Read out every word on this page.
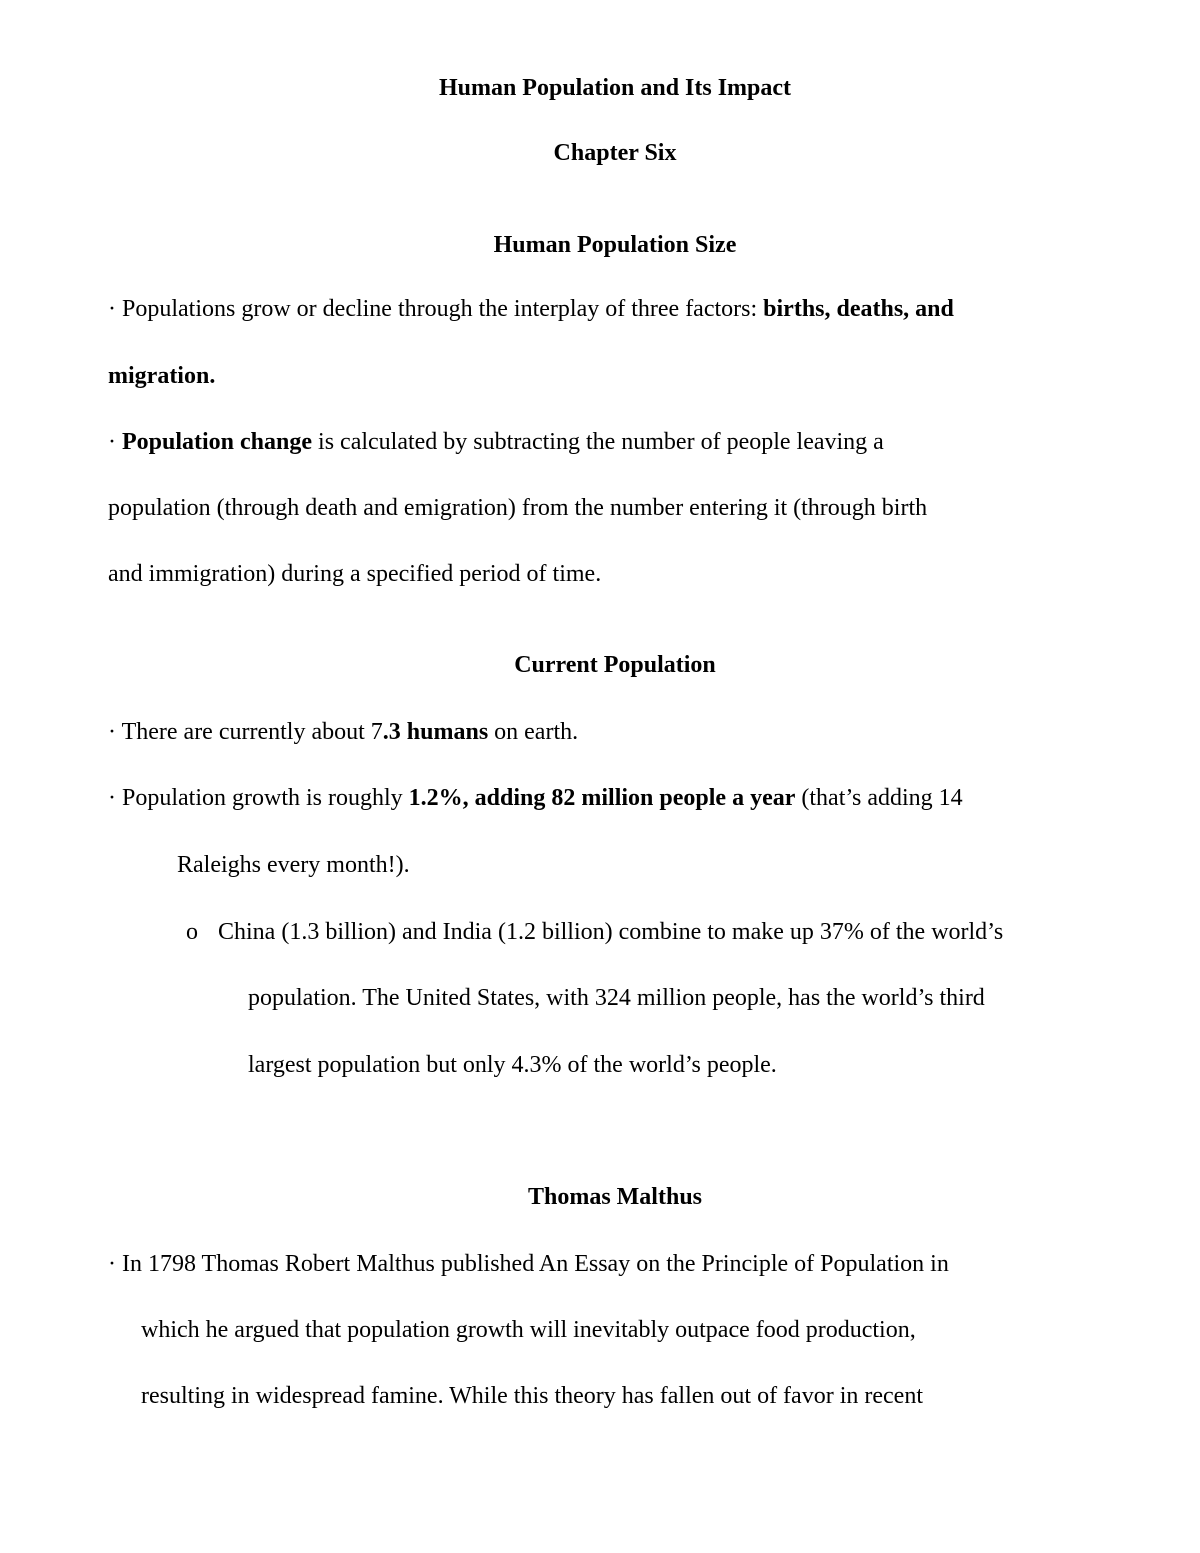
Human Population and Its Impact
Chapter Six
Human Population Size
· Populations grow or decline through the interplay of three factors: births, deaths, and
migration.
· Population change is calculated by subtracting the number of people leaving a
population (through death and emigration) from the number entering it (through birth
and immigration) during a specified period of time.
Current Population
· There are currently about 7.3 humans on earth.
· Population growth is roughly 1.2%, adding 82 million people a year (that’s adding 14
Raleighs every month!).
o China (1.3 billion) and India (1.2 billion) combine to make up 37% of the world’s
population. The United States, with 324 million people, has the world’s third
largest population but only 4.3% of the world’s people.
Thomas Malthus
· In 1798 Thomas Robert Malthus published An Essay on the Principle of Population in
which he argued that population growth will inevitably outpace food production,
resulting in widespread famine. While this theory has fallen out of favor in recent
